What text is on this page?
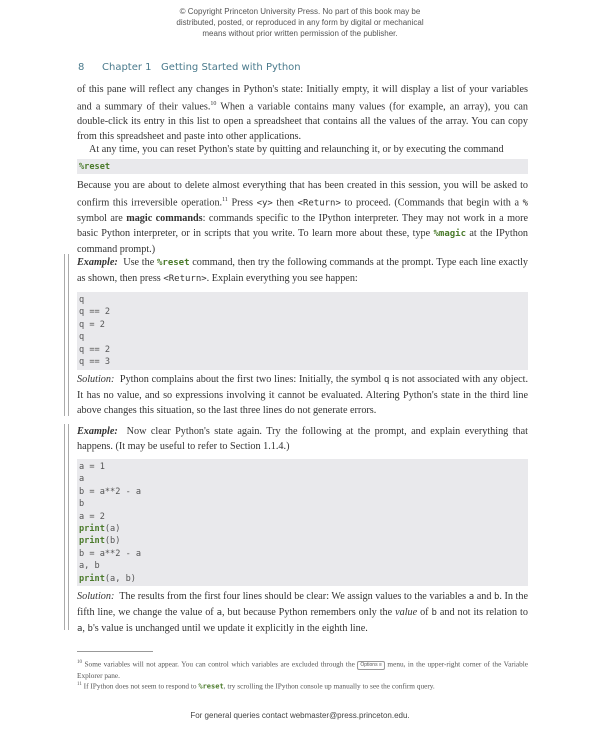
© Copyright Princeton University Press. No part of this book may be
distributed, posted, or reproduced in any form by digital or mechanical
means without prior written permission of the publisher.
8 Chapter 1   Getting Started with Python
of this pane will reflect any changes in Python's state: Initially empty, it will display a list of your variables and a summary of their values.$^{10}$ When a variable contains many values (for example, an array), you can double-click its entry in this list to open a spreadsheet that contains all the values of the array. You can copy from this spreadsheet and paste into other applications.
At any time, you can reset Python's state by quitting and relaunching it, or by executing the command
%reset
Because you are about to delete almost everything that has been created in this session, you will be asked to confirm this irreversible operation.$^{11}$ Press <y> then <Return> to proceed. (Commands that begin with a % symbol are magic commands: commands specific to the IPython interpreter. They may not work in a more basic Python interpreter, or in scripts that you write. To learn more about these, type %magic at the IPython command prompt.)
Example:  Use the %reset command, then try the following commands at the prompt. Type each line exactly as shown, then press <Return>. Explain everything you see happen:
q
q == 2
q = 2
q
q == 2
q == 3
Solution:  Python complains about the first two lines: Initially, the symbol q is not associated with any object. It has no value, and so expressions involving it cannot be evaluated. Altering Python's state in the third line above changes this situation, so the last three lines do not generate errors.
Example:  Now clear Python's state again. Try the following at the prompt, and explain everything that happens. (It may be useful to refer to Section 1.1.4.)
a = 1
a
b = a**2 - a
b
a = 2
print(a)
print(b)
b = a**2 - a
a, b
print(a, b)
Solution:  The results from the first four lines should be clear: We assign values to the variables a and b. In the fifth line, we change the value of a, but because Python remembers only the value of b and not its relation to a, b's value is unchanged until we update it explicitly in the eighth line.
$^{10}$ Some variables will not appear. You can control which variables are excluded through the Options ≡ menu, in the upper-right corner of the Variable Explorer pane.
$^{11}$ If IPython does not seem to respond to %reset, try scrolling the IPython console up manually to see the confirm query.
For general queries contact webmaster@press.princeton.edu.
